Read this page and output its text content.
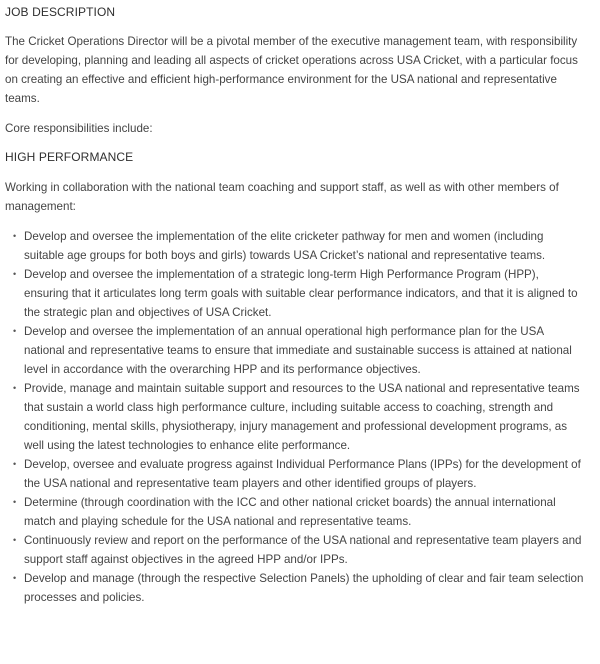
JOB DESCRIPTION

The Cricket Operations Director will be a pivotal member of the executive management team, with responsibility for developing, planning and leading all aspects of cricket operations across USA Cricket, with a particular focus on creating an effective and efficient high-performance environment for the USA national and representative teams.

Core responsibilities include:

HIGH PERFORMANCE

Working in collaboration with the national team coaching and support staff, as well as with other members of management:

• Develop and oversee the implementation of the elite cricketer pathway for men and women (including suitable age groups for both boys and girls) towards USA Cricket’s national and representative teams.
• Develop and oversee the implementation of a strategic long-term High Performance Program (HPP), ensuring that it articulates long term goals with suitable clear performance indicators, and that it is aligned to the strategic plan and objectives of USA Cricket.
• Develop and oversee the implementation of an annual operational high performance plan for the USA national and representative teams to ensure that immediate and sustainable success is attained at national level in accordance with the overarching HPP and its performance objectives.
• Provide, manage and maintain suitable support and resources to the USA national and representative teams that sustain a world class high performance culture, including suitable access to coaching, strength and conditioning, mental skills, physiotherapy, injury management and professional development programs, as well using the latest technologies to enhance elite performance.
• Develop, oversee and evaluate progress against Individual Performance Plans (IPPs) for the development of the USA national and representative team players and other identified groups of players.
• Determine (through coordination with the ICC and other national cricket boards) the annual international match and playing schedule for the USA national and representative teams.
• Continuously review and report on the performance of the USA national and representative team players and support staff against objectives in the agreed HPP and/or IPPs.
• Develop and manage (through the respective Selection Panels) the upholding of clear and fair team selection processes and policies.
